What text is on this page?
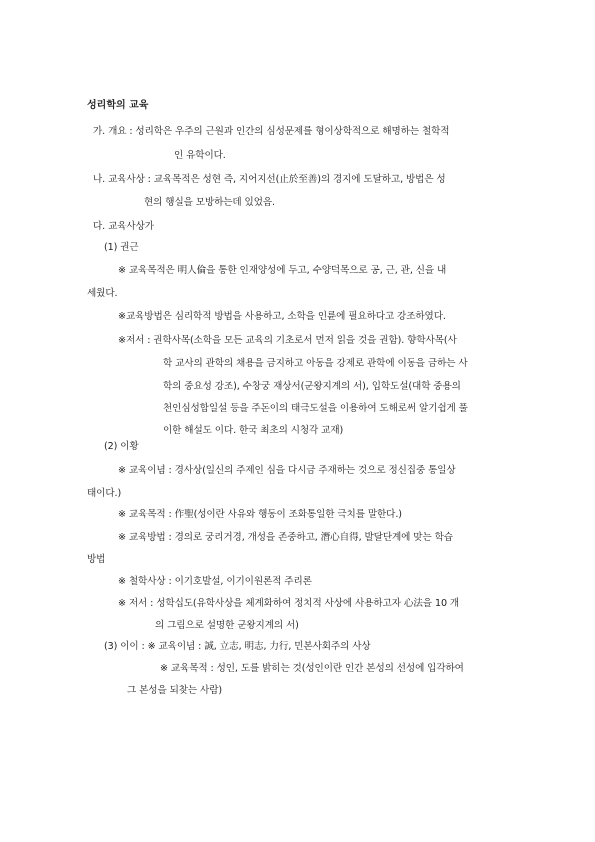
성리학의 교육
가. 개요 : 성리학은 우주의 근원과 인간의 심성문제를 형이상학적으로 해명하는 철학적
인 유학이다.
나. 교육사상 : 교육목적은 성현 즉, 지어지선(止於至善)의 경지에 도달하고, 방법은 성
현의 행실을 모방하는데 있었음.
다. 교육사상가
(1) 권근
※ 교육목적은 明人倫을 통한 인재양성에 두고, 수양덕목으로 공, 근, 관, 신을 내
세웠다.
※교육방법은 심리학적 방법을 사용하고, 소학을 인륜에 필요하다고 강조하였다.
※저서 : 권학사목(소학을 모든 교육의 기초로서 먼저 읽을 것을 권함). 향학사목(사
학 교사의 관학의 채용을 금지하고 아동을 강제로 관학에 이동을 금하는 사
학의 중요성 강조), 수창궁 재상서(군왕지계의 서), 입학도설(대학 중용의
천인심성합일설 등을 주돈이의 태극도설을 이용하여 도해로써 알기쉽게 풀
이한 해설도 이다. 한국 최초의 시청각 교재)
(2) 이황
※ 교육이념 : 경사상(일신의 주제인 심을 다시금 주재하는 것으로 정신집중 통일상
태이다.)
※ 교육목적 : 作聖(성이란 사유와 행동이 조화통일한 극치를 말한다.)
※ 교육방법 : 경의로 궁리거경, 개성을 존중하고, 潛心自得, 발달단계에 맞는 학습
방법
※ 철학사상 : 이기호발설, 이기이원론적 주리론
※ 저서 : 성학십도(유학사상을 체계화하여 정치적 사상에 사용하고자 心法을 10 개
의 그림으로 설명한 군왕지계의 서)
(3) 이이 : ※ 교육이념 : 誠, 立志, 明志, 力行, 민본사회주의 사상
※ 교육목적 : 성인, 도를 밝히는 것(성인이란 인간 본성의 선성에 입각하여
그 본성을 되찾는 사람)
